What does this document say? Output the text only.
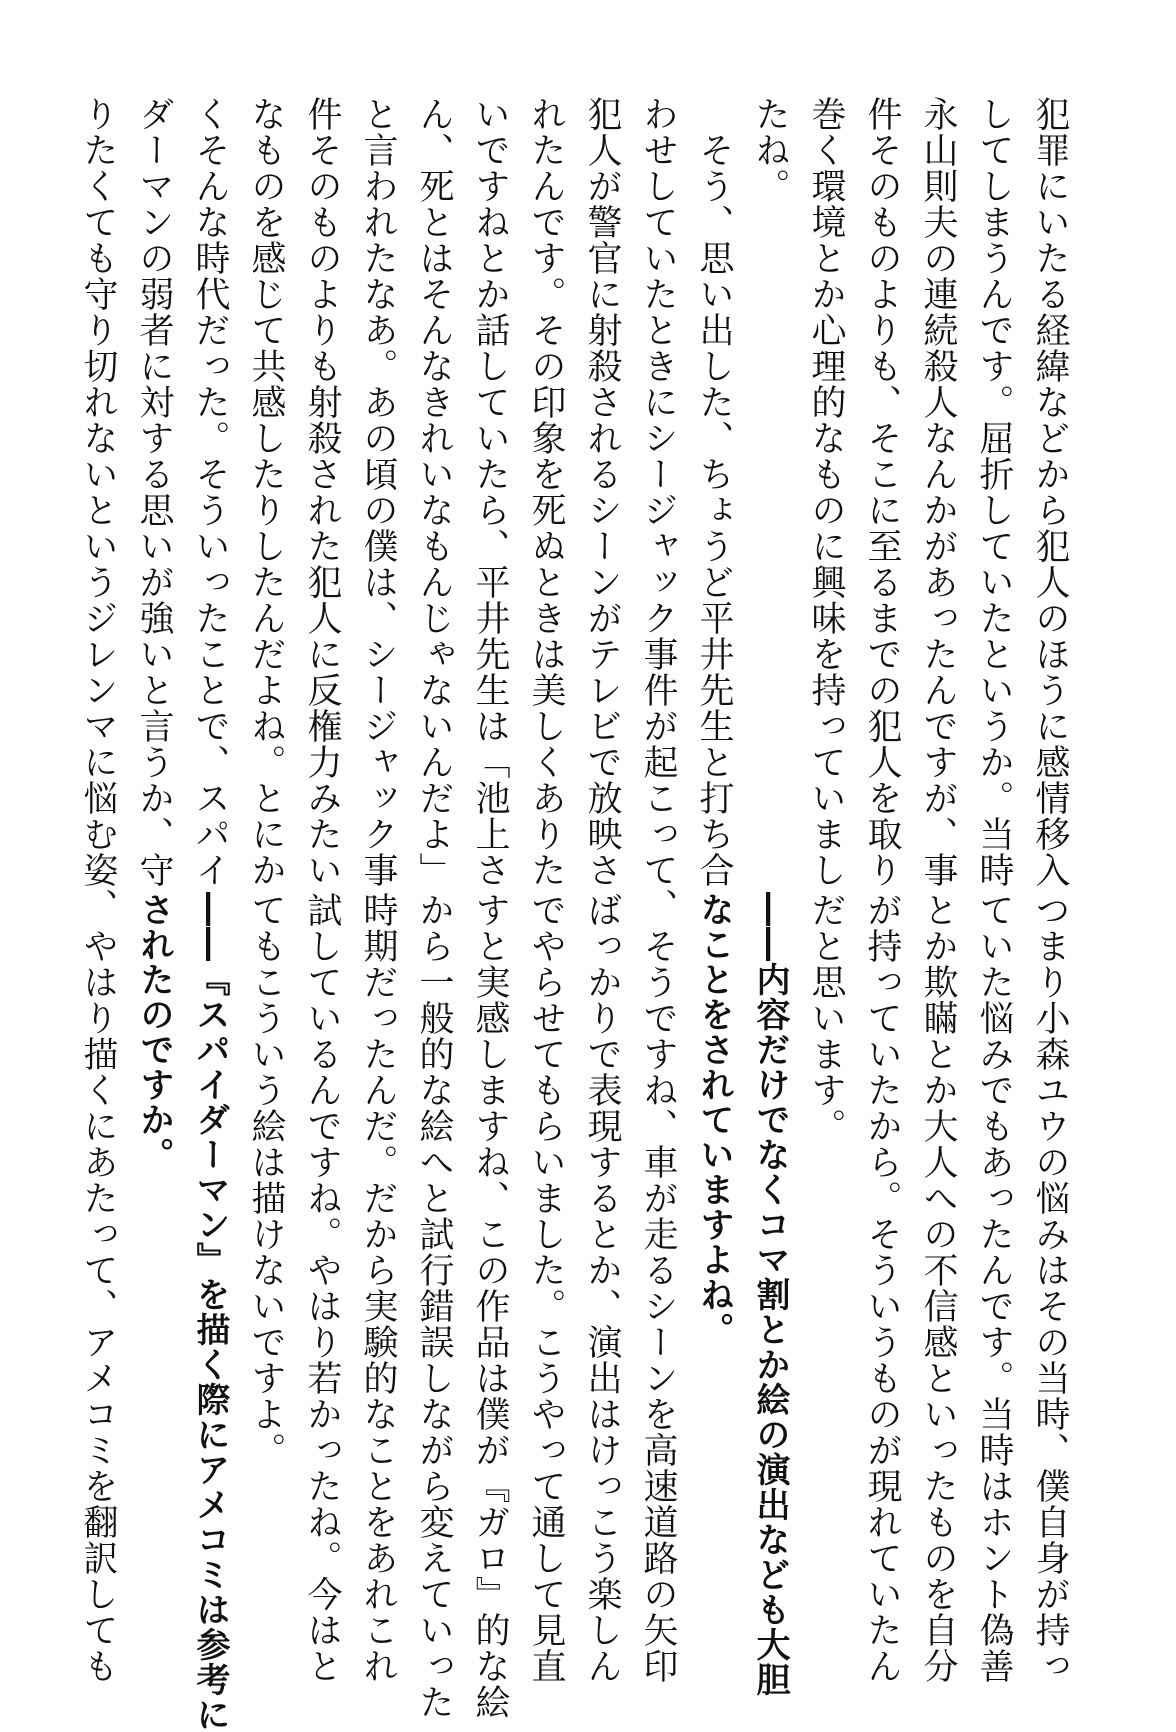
犯罪にいたる経緯などから犯人のほうに感情移入
してしまうんです。屈折していたというか。当時
永山則夫の連続殺人なんかがあったんですが、事
件そのものよりも、そこに至るまでの犯人を取り
巻く環境とか心理的なものに興味を持っていまし
たね。
　そう、思い出した、ちょうど平井先生と打ち合
わせしていたときにシージャック事件が起こって、
犯人が警官に射殺されるシーンがテレビで放映さ
れたんです。その印象を死ぬときは美しくありた
いですねとか話していたら、平井先生は「池上さ
ん、死とはそんなきれいなもんじゃないんだよ」
と言われたなあ。あの頃の僕は、シージャック事
件そのものよりも射殺された犯人に反権力みたい
なものを感じて共感したりしたんだよね。とにか
くそんな時代だった。そういったことで、スパイ
ダーマンの弱者に対する思いが強いと言うか、守
りたくても守り切れないというジレンマに悩む姿、
つまり小森ユウの悩みはその当時、僕自身が持っ
ていた悩みでもあったんです。当時はホント偽善
とか欺瞞とか大人への不信感といったものを自分
が持っていたから。そういうものが現れていたん
だと思います。
――内容だけでなくコマ割とか絵の演出なども大胆
なことをされていますよね。
　そうですね、車が走るシーンを高速道路の矢印
ばっかりで表現するとか、演出はけっこう楽しん
でやらせてもらいました。こうやって通して見直
すと実感しますね、この作品は僕が『ガロ』的な絵
から一般的な絵へと試行錯誤しながら変えていった
時期だったんだ。だから実験的なことをあれこれ
試しているんですね。やはり若かったね。今はと
てもこういう絵は描けないですよ。
――『スパイダーマン』を描く際にアメコミは参考に
されたのですか。
　やはり描くにあたって、アメコミを翻訳しても
